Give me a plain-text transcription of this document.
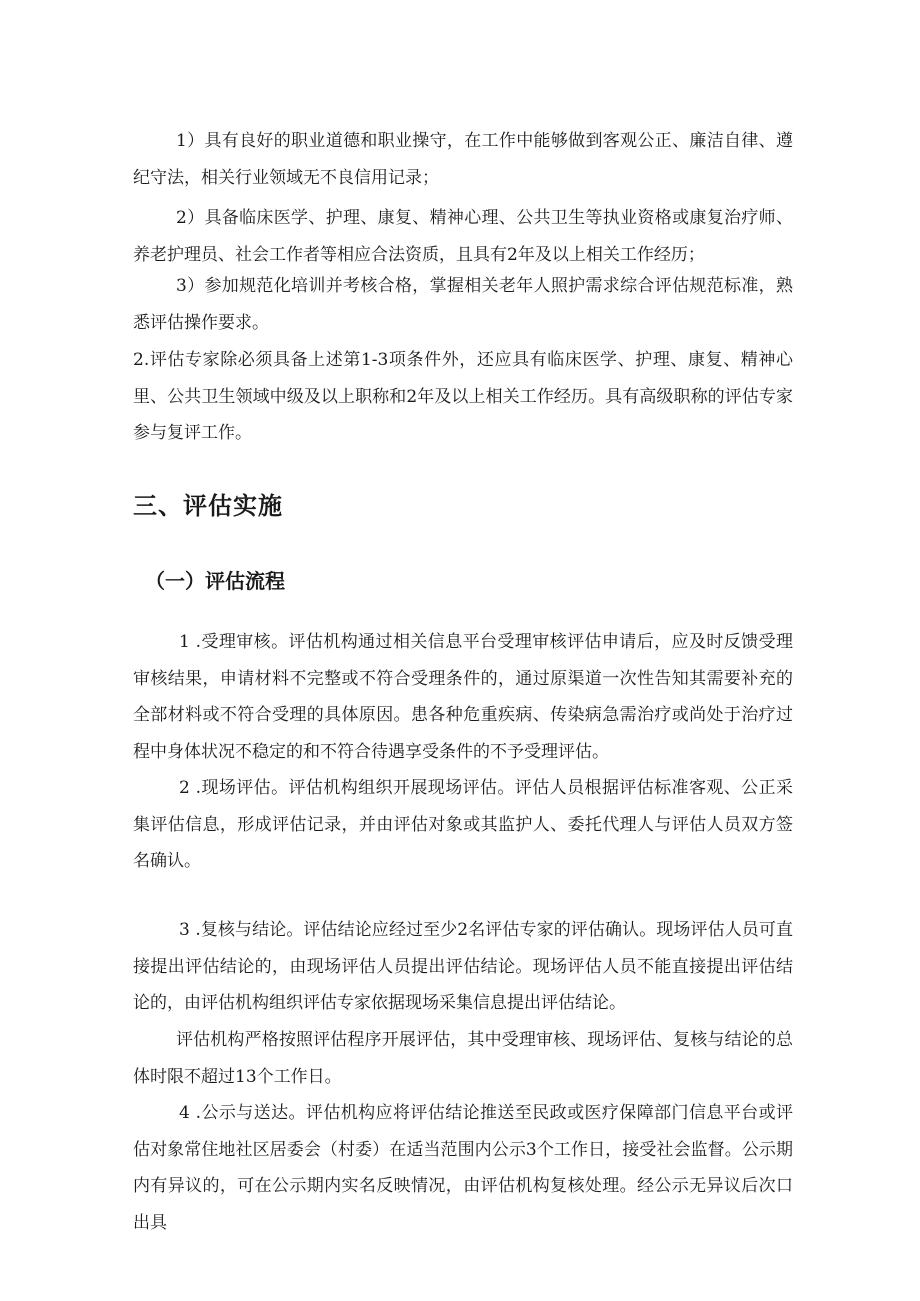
1）具有良好的职业道德和职业操守，在工作中能够做到客观公正、廉洁自律、遵纪守法，相关行业领域无不良信用记录；

2）具备临床医学、护理、康复、精神心理、公共卫生等执业资格或康复治疗师、养老护理员、社会工作者等相应合法资质，且具有2年及以上相关工作经历；

3）参加规范化培训并考核合格，掌握相关老年人照护需求综合评估规范标准，熟悉评估操作要求。

2.评估专家除必须具备上述第1-3项条件外，还应具有临床医学、护理、康复、精神心里、公共卫生领域中级及以上职称和2年及以上相关工作经历。具有高级职称的评估专家参与复评工作。

三、评估实施
（一）评估流程

1 .受理审核。评估机构通过相关信息平台受理审核评估申请后，应及时反馈受理审核结果，申请材料不完整或不符合受理条件的，通过原渠道一次性告知其需要补充的全部材料或不符合受理的具体原因。患各种危重疾病、传染病急需治疗或尚处于治疗过程中身体状况不稳定的和不符合待遇享受条件的不予受理评估。

2 .现场评估。评估机构组织开展现场评估。评估人员根据评估标准客观、公正采集评估信息，形成评估记录，并由评估对象或其监护人、委托代理人与评估人员双方签名确认。

3 .复核与结论。评估结论应经过至少2名评估专家的评估确认。现场评估人员可直接提出评估结论的，由现场评估人员提出评估结论。现场评估人员不能直接提出评估结论的，由评估机构组织评估专家依据现场采集信息提出评估结论。

评估机构严格按照评估程序开展评估，其中受理审核、现场评估、复核与结论的总体时限不超过13个工作日。

4 .公示与送达。评估机构应将评估结论推送至民政或医疗保障部门信息平台或评估对象常住地社区居委会（村委）在适当范围内公示3个工作日，接受社会监督。公示期内有异议的，可在公示期内实名反映情况，由评估机构复核处理。经公示无异议后次口出具
